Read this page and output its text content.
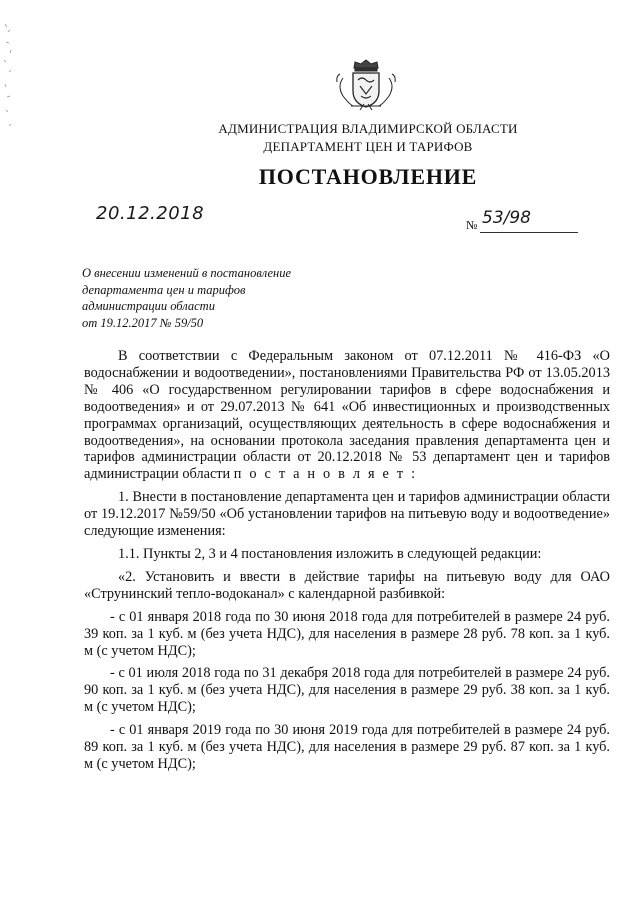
АДМИНИСТРАЦИЯ ВЛАДИМИРСКОЙ ОБЛАСТИ
ДЕПАРТАМЕНТ ЦЕН И ТАРИФОВ
ПОСТАНОВЛЕНИЕ
20.12.2018
№ 53/98
О внесении изменений в постановление
департамента цен и тарифов
администрации области
от 19.12.2017 № 59/50

В соответствии с Федеральным законом от 07.12.2011 № 416-ФЗ «О водоснабжении и водоотведении», постановлениями Правительства РФ от 13.05.2013 № 406 «О государственном регулировании тарифов в сфере водоснабжения и водоотведения» и от 29.07.2013 № 641 «Об инвестиционных и производственных программах организаций, осуществляющих деятельность в сфере водоснабжения и водоотведения», на основании протокола заседания правления департамента цен и тарифов администрации области от 20.12.2018 № 53 департамент цен и тарифов администрации области п о с т а н о в л я е т :

1. Внести в постановление департамента цен и тарифов администрации области от 19.12.2017 №59/50 «Об установлении тарифов на питьевую воду и водоотведение» следующие изменения:

1.1. Пункты 2, 3 и 4 постановления изложить в следующей редакции:

«2. Установить и ввести в действие тарифы на питьевую воду для ОАО «Струнинский тепло-водоканал» с календарной разбивкой:

- с 01 января 2018 года по 30 июня 2018 года для потребителей в размере 24 руб. 39 коп. за 1 куб. м (без учета НДС), для населения в размере 28 руб. 78 коп. за 1 куб. м (с учетом НДС);

- с 01 июля 2018 года по 31 декабря 2018 года для потребителей в размере 24 руб. 90 коп. за 1 куб. м (без учета НДС), для населения в размере 29 руб. 38 коп. за 1 куб. м (с учетом НДС);

- с 01 января 2019 года по 30 июня 2019 года для потребителей в размере 24 руб. 89 коп. за 1 куб. м (без учета НДС), для населения в размере 29 руб. 87 коп. за 1 куб. м (с учетом НДС);
